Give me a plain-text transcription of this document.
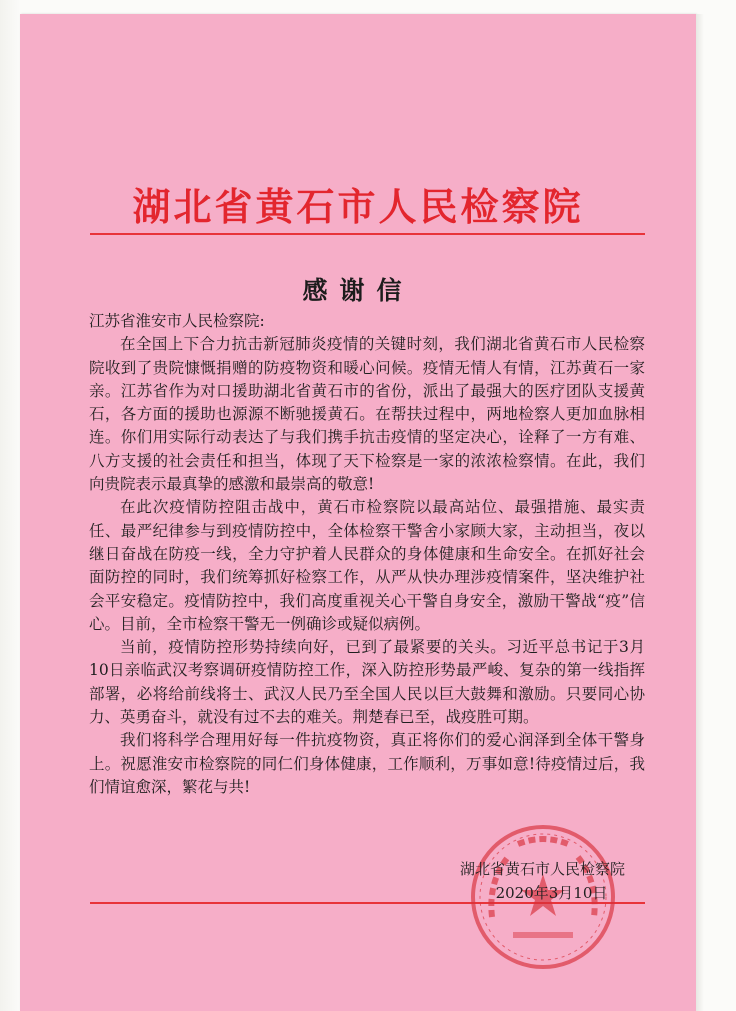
湖北省黄石市人民检察院
感谢信

江苏省淮安市人民检察院:

在全国上下合力抗击新冠肺炎疫情的关键时刻，我们湖北省黄石市人民检察院收到了贵院慷慨捐赠的防疫物资和暖心问候。疫情无情人有情，江苏黄石一家亲。江苏省作为对口援助湖北省黄石市的省份，派出了最强大的医疗团队支援黄石，各方面的援助也源源不断驰援黄石。在帮扶过程中，两地检察人更加血脉相连。你们用实际行动表达了与我们携手抗击疫情的坚定决心，诠释了一方有难、八方支援的社会责任和担当，体现了天下检察是一家的浓浓检察情。在此，我们向贵院表示最真挚的感激和最崇高的敬意!

在此次疫情防控阻击战中，黄石市检察院以最高站位、最强措施、最实责任、最严纪律参与到疫情防控中，全体检察干警舍小家顾大家，主动担当，夜以继日奋战在防疫一线，全力守护着人民群众的身体健康和生命安全。在抓好社会面防控的同时，我们统筹抓好检察工作，从严从快办理涉疫情案件，坚决维护社会平安稳定。疫情防控中，我们高度重视关心干警自身安全，激励干警战“疫”信心。目前，全市检察干警无一例确诊或疑似病例。

当前，疫情防控形势持续向好，已到了最紧要的关头。习近平总书记于3月10日亲临武汉考察调研疫情防控工作，深入防控形势最严峻、复杂的第一线指挥部署，必将给前线将士、武汉人民乃至全国人民以巨大鼓舞和激励。只要同心协力、英勇奋斗，就没有过不去的难关。荆楚春已至，战疫胜可期。

我们将科学合理用好每一件抗疫物资，真正将你们的爱心润泽到全体干警身上。祝愿淮安市检察院的同仁们身体健康，工作顺利，万事如意!待疫情过后，我们情谊愈深，繁花与共!

湖北省黄石市人民检察院
2020年3月10日
